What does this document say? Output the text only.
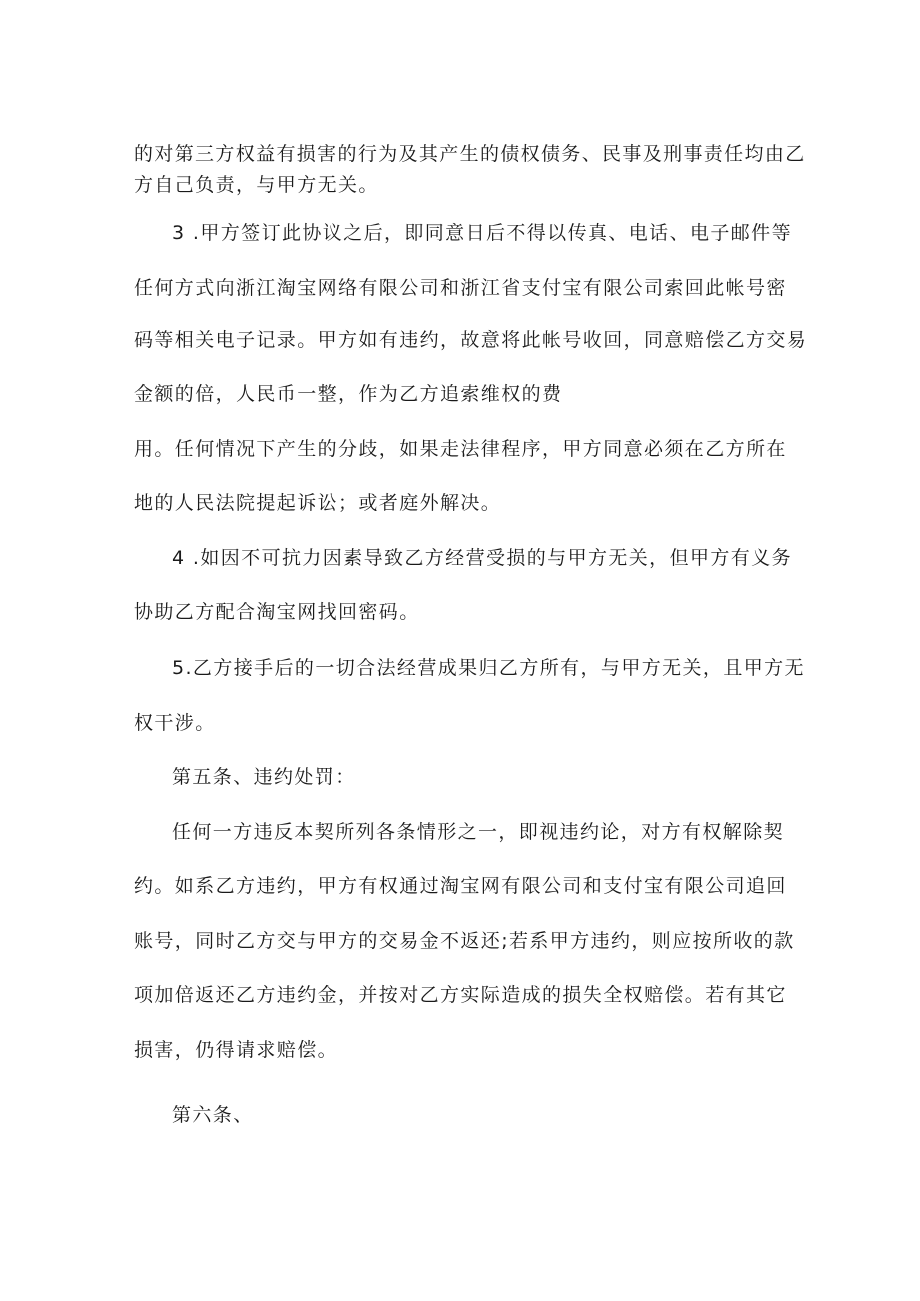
的对第三方权益有损害的行为及其产生的债权债务、民事及刑事责任均由乙
方自己负责，与甲方无关。
3 .甲方签订此协议之后，即同意日后不得以传真、电话、电子邮件等
任何方式向浙江淘宝网络有限公司和浙江省支付宝有限公司索回此帐号密
码等相关电子记录。甲方如有违约，故意将此帐号收回，同意赔偿乙方交易
金额的倍，人民币一整，作为乙方追索维权的费
用。任何情况下产生的分歧，如果走法律程序，甲方同意必须在乙方所在
地的人民法院提起诉讼；或者庭外解决。
4 .如因不可抗力因素导致乙方经营受损的与甲方无关，但甲方有义务
协助乙方配合淘宝网找回密码。
5.乙方接手后的一切合法经营成果归乙方所有，与甲方无关，且甲方无
权干涉。
第五条、违约处罚：
任何一方违反本契所列各条情形之一，即视违约论，对方有权解除契
约。如系乙方违约，甲方有权通过淘宝网有限公司和支付宝有限公司追回
账号，同时乙方交与甲方的交易金不返还;若系甲方违约，则应按所收的款
项加倍返还乙方违约金，并按对乙方实际造成的损失全权赔偿。若有其它
损害，仍得请求赔偿。
第六条、
